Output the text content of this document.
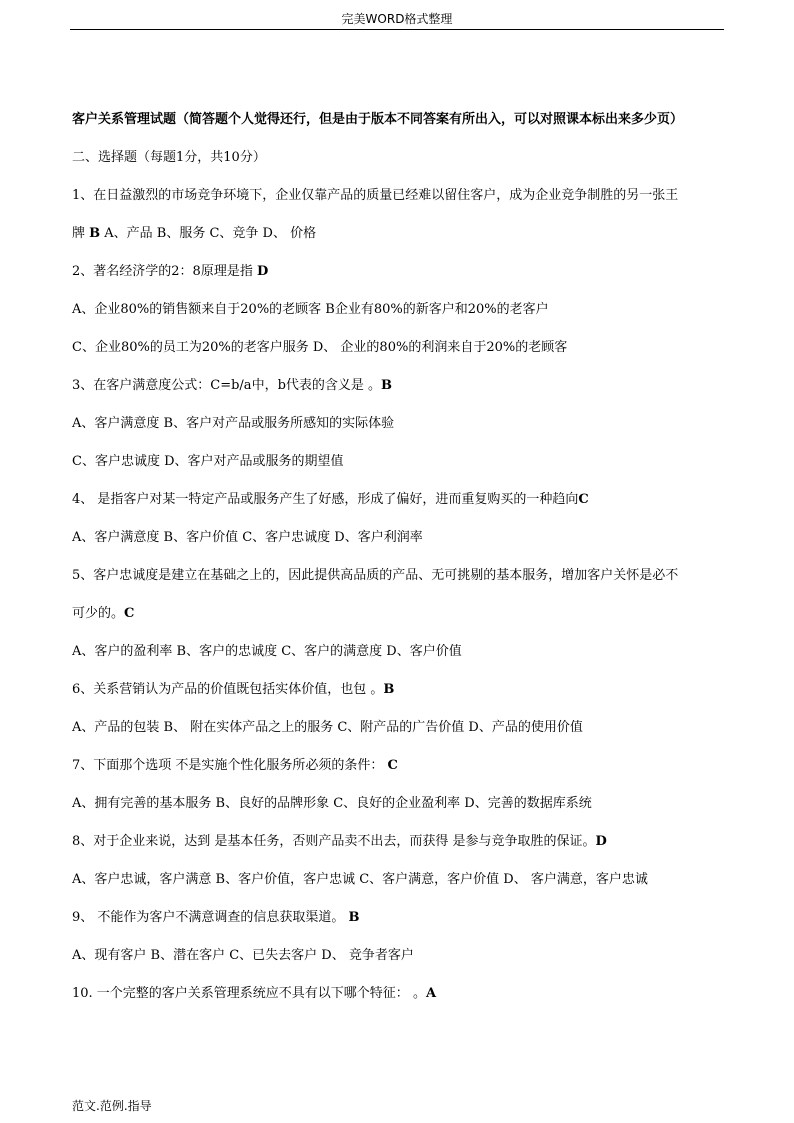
完美WORD格式整理
客户关系管理试题（简答题个人觉得还行，但是由于版本不同答案有所出入，可以对照课本标出来多少页）
二、选择题（每题1分，共10分）
1、在日益激烈的市场竞争环境下，企业仅靠产品的质量已经难以留住客户，成为企业竞争制胜的另一张王
牌 B A、产品 B、服务 C、竞争 D、 价格
2、著名经济学的2：8原理是指 D
A、企业80%的销售额来自于20%的老顾客 B企业有80%的新客户和20%的老客户
C、企业80%的员工为20%的老客户服务 D、 企业的80%的利润来自于20%的老顾客
3、在客户满意度公式：C=b/a中，b代表的含义是 。B
A、客户满意度 B、客户对产品或服务所感知的实际体验
C、客户忠诚度 D、客户对产品或服务的期望值
4、 是指客户对某一特定产品或服务产生了好感，形成了偏好，进而重复购买的一种趋向C
A、客户满意度 B、客户价值 C、客户忠诚度 D、客户利润率
5、客户忠诚度是建立在基础之上的，因此提供高品质的产品、无可挑剔的基本服务，增加客户关怀是必不
可少的。C
A、客户的盈利率 B、客户的忠诚度 C、客户的满意度 D、客户价值
6、关系营销认为产品的价值既包括实体价值，也包 。B
A、产品的包装 B、 附在实体产品之上的服务 C、附产品的广告价值 D、产品的使用价值
7、下面那个选项 不是实施个性化服务所必须的条件： C
A、拥有完善的基本服务 B、良好的品牌形象 C、良好的企业盈利率 D、完善的数据库系统
8、对于企业来说，达到 是基本任务，否则产品卖不出去，而获得 是参与竞争取胜的保证。D
A、客户忠诚，客户满意 B、客户价值，客户忠诚 C、客户满意，客户价值 D、 客户满意，客户忠诚
9、 不能作为客户不满意调查的信息获取渠道。 B
A、现有客户 B、潜在客户 C、已失去客户 D、 竞争者客户
10. 一个完整的客户关系管理系统应不具有以下哪个特征： 。A
范文.范例.指导
